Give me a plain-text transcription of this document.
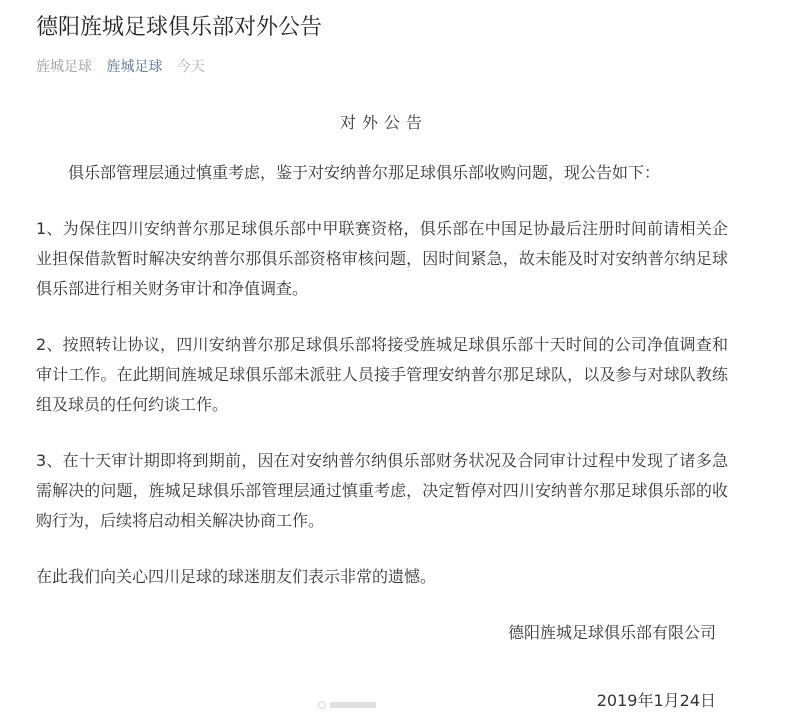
德阳旌城足球俱乐部对外公告
旌城足球 旌城足球 今天
对外公告

俱乐部管理层通过慎重考虑，鉴于对安纳普尔那足球俱乐部收购问题，现公告如下：

1、为保住四川安纳普尔那足球俱乐部中甲联赛资格，俱乐部在中国足协最后注册时间前请相关企业担保借款暂时解决安纳普尔那俱乐部资格审核问题，因时间紧急，故未能及时对安纳普尔纳足球俱乐部进行相关财务审计和净值调查。

2、按照转让协议，四川安纳普尔那足球俱乐部将接受旌城足球俱乐部十天时间的公司净值调查和审计工作。在此期间旌城足球俱乐部未派驻人员接手管理安纳普尔那足球队，以及参与对球队教练组及球员的任何约谈工作。

3、在十天审计期即将到期前，因在对安纳普尔纳俱乐部财务状况及合同审计过程中发现了诸多急需解决的问题，旌城足球俱乐部管理层通过慎重考虑，决定暂停对四川安纳普尔那足球俱乐部的收购行为，后续将启动相关解决协商工作。

在此我们向关心四川足球的球迷朋友们表示非常的遗憾。

德阳旌城足球俱乐部有限公司
2019年1月24日
